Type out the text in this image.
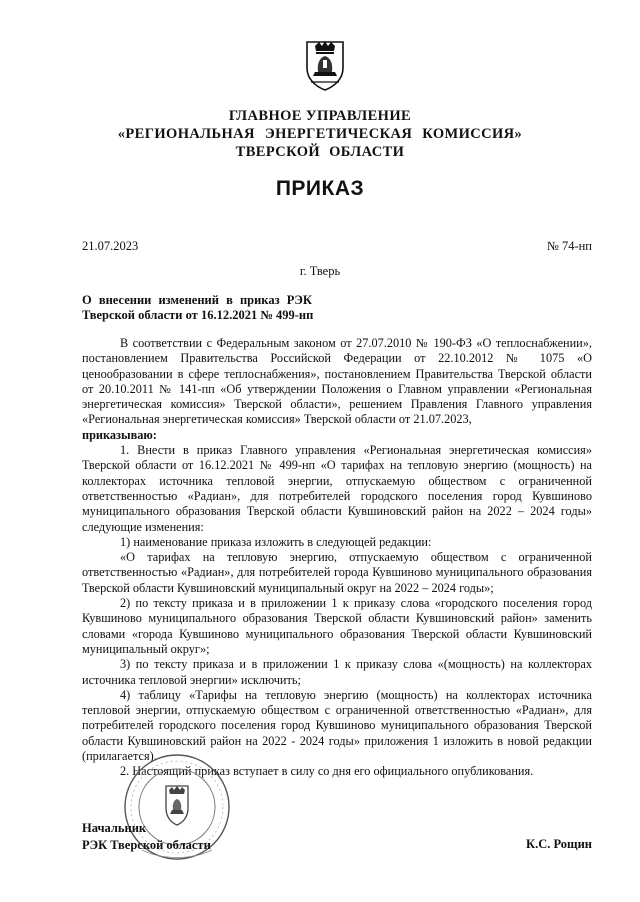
ГЛАВНОЕ УПРАВЛЕНИЕ
«РЕГИОНАЛЬНАЯ ЭНЕРГЕТИЧЕСКАЯ КОМИССИЯ»
ТВЕРСКОЙ ОБЛАСТИ
ПРИКАЗ
21.07.2023	№ 74-нп
г. Тверь
О внесении изменений в приказ РЭК
Тверской области от 16.12.2021 № 499-нп

В соответствии с Федеральным законом от 27.07.2010 № 190-ФЗ «О теплоснабжении», постановлением Правительства Российской Федерации от 22.10.2012 № 1075 «О ценообразовании в сфере теплоснабжения», постановлением Правительства Тверской области от 20.10.2011 № 141-пп «Об утверждении Положения о Главном управлении «Региональная энергетическая комиссия» Тверской области», решением Правления Главного управления «Региональная энергетическая комиссия» Тверской области от 21.07.2023,

приказываю:

1. Внести в приказ Главного управления «Региональная энергетическая комиссия» Тверской области от 16.12.2021 № 499-нп «О тарифах на тепловую энергию (мощность) на коллекторах источника тепловой энергии, отпускаемую обществом с ограниченной ответственностью «Радиан», для потребителей городского поселения город Кувшиново муниципального образования Тверской области Кувшиновский район на 2022 – 2024 годы» следующие изменения:

1) наименование приказа изложить в следующей редакции:

«О тарифах на тепловую энергию, отпускаемую обществом с ограниченной ответственностью «Радиан», для потребителей города Кувшиново муниципального образования Тверской области Кувшиновский муниципальный округ на 2022 – 2024 годы»;

2) по тексту приказа и в приложении 1 к приказу слова «городского поселения город Кувшиново муниципального образования Тверской области Кувшиновский район» заменить словами «города Кувшиново муниципального образования Тверской области Кувшиновский муниципальный округ»;

3) по тексту приказа и в приложении 1 к приказу слова «(мощность) на коллекторах источника тепловой энергии» исключить;

4) таблицу «Тарифы на тепловую энергию (мощность) на коллекторах источника тепловой энергии, отпускаемую обществом с ограниченной ответственностью «Радиан», для потребителей городского поселения город Кувшиново муниципального образования Тверской области Кувшиновский район на 2022 - 2024 годы» приложения 1 изложить в новой редакции (прилагается).

2. Настоящий приказ вступает в силу со дня его официального опубликования.

Начальник
РЭК Тверской области	К.С. Рощин
